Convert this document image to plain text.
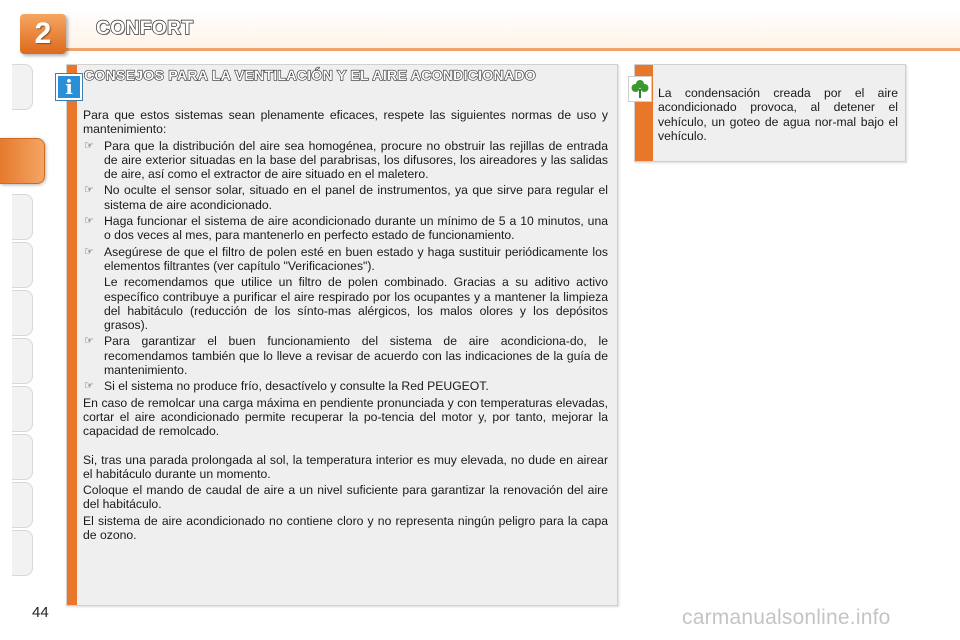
2	CONFORT
i CONSEJOS PARA LA VENTILACIÓN Y EL AIRE ACONDICIONADO

Para que estos sistemas sean plenamente eficaces, respete las siguientes normas de uso y mantenimiento:

☞ Para que la distribución del aire sea homogénea, procure no obstruir las rejillas de entrada de aire exterior situadas en la base del parabrisas, los difusores, los aireadores y las salidas de aire, así como el extractor de aire situado en el maletero.
☞ No oculte el sensor solar, situado en el panel de instrumentos, ya que sirve para regular el sistema de aire acondicionado.
☞ Haga funcionar el sistema de aire acondicionado durante un mínimo de 5 a 10 minutos, una o dos veces al mes, para mantenerlo en perfecto estado de funcionamiento.
☞ Asegúrese de que el filtro de polen esté en buen estado y haga sustituir periódicamente los elementos filtrantes (ver capítulo "Verificaciones").
Le recomendamos que utilice un filtro de polen combinado. Gracias a su aditivo activo específico contribuye a purificar el aire respirado por los ocupantes y a mantener la limpieza del habitáculo (reducción de los sínto-mas alérgicos, los malos olores y los depósitos grasos).
☞ Para garantizar el buen funcionamiento del sistema de aire acondiciona-do, le recomendamos también que lo lleve a revisar de acuerdo con las indicaciones de la guía de mantenimiento.
☞ Si el sistema no produce frío, desactívelo y consulte la Red PEUGEOT.

En caso de remolcar una carga máxima en pendiente pronunciada y con temperaturas elevadas, cortar el aire acondicionado permite recuperar la po-tencia del motor y, por tanto, mejorar la capacidad de remolcado.

Si, tras una parada prolongada al sol, la temperatura interior es muy elevada, no dude en airear el habitáculo durante un momento.

Coloque el mando de caudal de aire a un nivel suficiente para garantizar la renovación del aire del habitáculo.

El sistema de aire acondicionado no contiene cloro y no representa ningún peligro para la capa de ozono.

La condensación creada por el aire acondicionado provoca, al detener el vehículo, un goteo de agua nor-mal bajo el vehículo.
44	carmanualsonline.info
